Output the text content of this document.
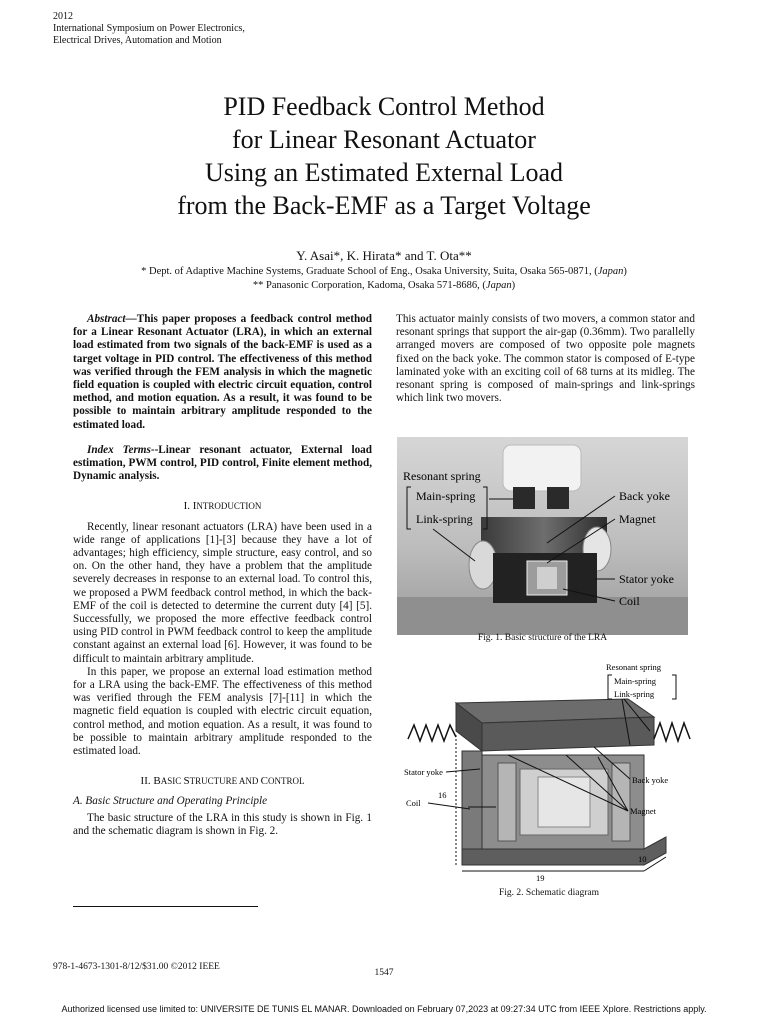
2012
International Symposium on Power Electronics,
Electrical Drives, Automation and Motion
PID Feedback Control Method
for Linear Resonant Actuator
Using an Estimated External Load
from the Back-EMF as a Target Voltage
Y. Asai*, K. Hirata* and T. Ota**
* Dept. of Adaptive Machine Systems, Graduate School of Eng., Osaka University, Suita, Osaka 565-0871, (Japan)
** Panasonic Corporation, Kadoma, Osaka 571-8686, (Japan)

Abstract—This paper proposes a feedback control method for a Linear Resonant Actuator (LRA), in which an external load estimated from two signals of the back-EMF is used as a target voltage in PID control. The effectiveness of this method was verified through the FEM analysis in which the magnetic field equation is coupled with electric circuit equation, control method, and motion equation. As a result, it was found to be possible to maintain arbitrary amplitude responded to the estimated load.

Index Terms--Linear resonant actuator, External load estimation, PWM control, PID control, Finite element method, Dynamic analysis.

I. INTRODUCTION

Recently, linear resonant actuators (LRA) have been used in a wide range of applications [1]-[3] because they have a lot of advantages; high efficiency, simple structure, easy control, and so on. On the other hand, they have a problem that the amplitude severely decreases in response to an external load. To control this, we proposed a PWM feedback control method, in which the back-EMF of the coil is detected to determine the current duty [4] [5]. Successfully, we proposed the more effective feedback control using PID control in PWM feedback control to keep the amplitude constant against an external load [6]. However, it was found to be difficult to maintain arbitrary amplitude.

In this paper, we propose an external load estimation method for a LRA using the back-EMF. The effectiveness of this method was verified through the FEM analysis [7]-[11] in which the magnetic field equation is coupled with electric circuit equation, control method, and motion equation. As a result, it was found to be possible to maintain arbitrary amplitude responded to the estimated load.

II. BASIC STRUCTURE AND CONTROL

A. Basic Structure and Operating Principle

The basic structure of the LRA in this study is shown in Fig. 1 and the schematic diagram is shown in Fig. 2.

This actuator mainly consists of two movers, a common stator and resonant springs that support the air-gap (0.36mm). Two parallelly arranged movers are composed of two opposite pole magnets fixed on the back yoke. The common stator is composed of E-type laminated yoke with an exciting coil of 68 turns at its midleg. The resonant spring is composed of main-springs and link-springs which link two movers.
Resonant spring
Main-spring
Link-spring
Back yoke
Magnet
Stator yoke
Coil
Fig. 1. Basic structure of the LRA
Resonant spring
Main-spring
Link-spring
Stator yoke
Back yoke
Coil
Magnet
16
19
10
Fig. 2. Schematic diagram
978-1-4673-1301-8/12/$31.00 ©2012 IEEE
1547
Authorized licensed use limited to: UNIVERSITE DE TUNIS EL MANAR. Downloaded on February 07,2023 at 09:27:34 UTC from IEEE Xplore. Restrictions apply.
